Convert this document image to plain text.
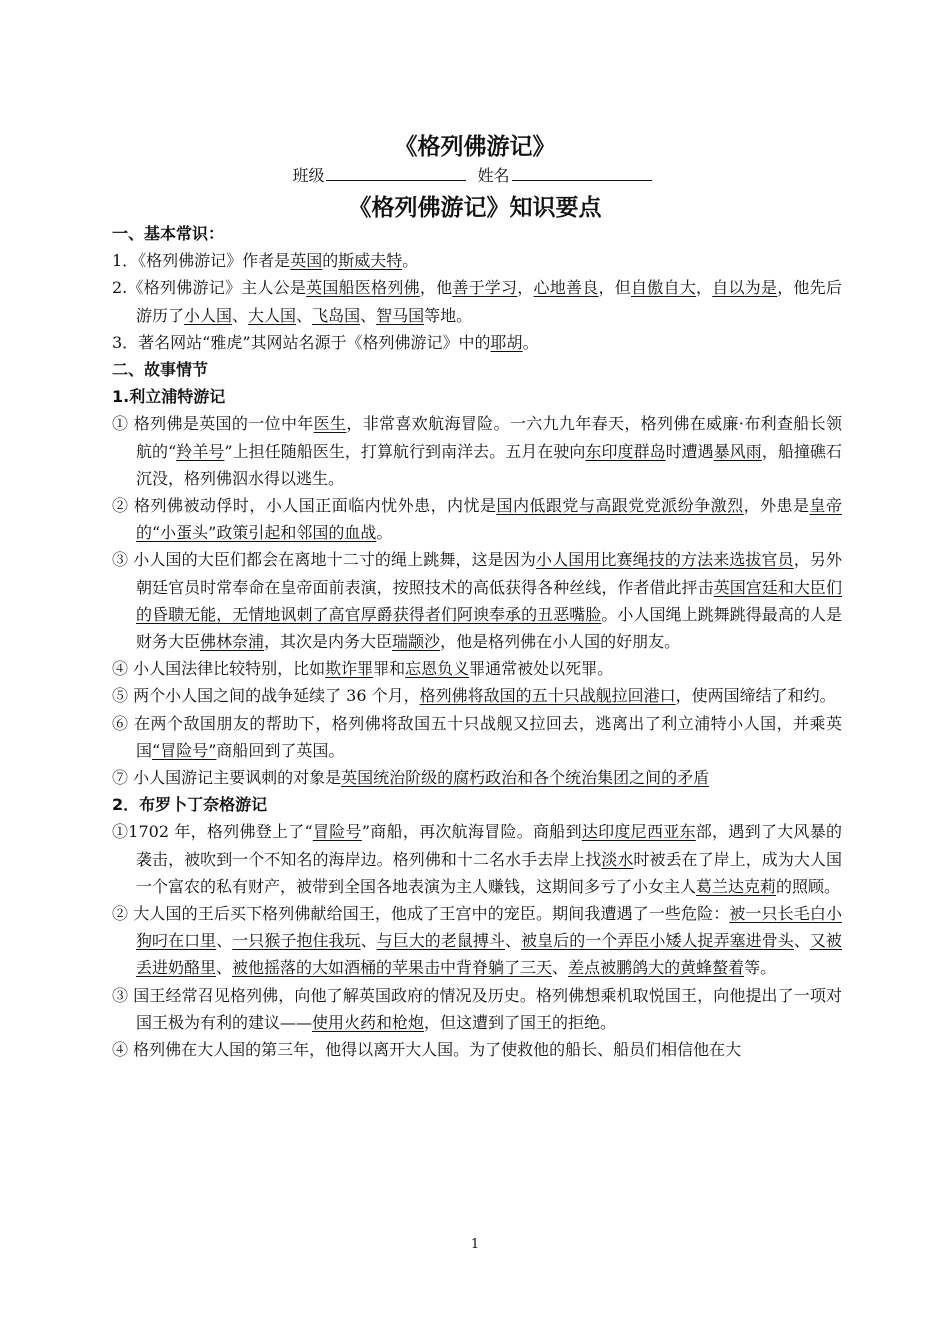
《格列佛游记》
班级	姓名
《格列佛游记》知识要点
一、基本常识：
1．《格列佛游记》作者是英国的斯威夫特。
2.《格列佛游记》主人公是英国船医格列佛，他善于学习，心地善良，但自傲自大，自以为是，他先后游历了小人国、大人国、飞岛国、智马国等地。
3．著名网站“雅虎”其网站名源于《格列佛游记》中的耶胡。
二、故事情节
1.利立浦特游记
① 格列佛是英国的一位中年医生，非常喜欢航海冒险。一六九九年春天，格列佛在威廉·布利查船长领航的“羚羊号”上担任随船医生，打算航行到南洋去。五月在驶向东印度群岛时遭遇暴风雨，船撞礁石沉没，格列佛泅水得以逃生。
② 格列佛被动俘时，小人国正面临内忧外患，内忧是国内低跟党与高跟党党派纷争激烈，外患是皇帝的“小蛋头”政策引起和邻国的血战。
③ 小人国的大臣们都会在离地十二寸的绳上跳舞，这是因为小人国用比赛绳技的方法来选拔官员，另外朝廷官员时常奉命在皇帝面前表演，按照技术的高低获得各种丝线，作者借此抨击英国宫廷和大臣们的昏聩无能，无情地讽刺了高官厚爵获得者们阿谀奉承的丑恶嘴脸。小人国绳上跳舞跳得最高的人是财务大臣佛林奈浦，其次是内务大臣瑞颛沙，他是格列佛在小人国的好朋友。
④ 小人国法律比较特别，比如欺诈罪罪和忘恩负义罪通常被处以死罪。
⑤ 两个小人国之间的战争延续了 36 个月，格列佛将敌国的五十只战舰拉回港口，使两国缔结了和约。
⑥ 在两个敌国朋友的帮助下，格列佛将敌国五十只战舰又拉回去，逃离出了利立浦特小人国，并乘英国“冒险号”商船回到了英国。
⑦ 小人国游记主要讽刺的对象是英国统治阶级的腐朽政治和各个统治集团之间的矛盾
2．布罗卜丁奈格游记
①1702 年，格列佛登上了“冒险号”商船，再次航海冒险。商船到达印度尼西亚东部，遇到了大风暴的袭击，被吹到一个不知名的海岸边。格列佛和十二名水手去岸上找淡水时被丢在了岸上，成为大人国一个富农的私有财产，被带到全国各地表演为主人赚钱，这期间多亏了小女主人葛兰达克莉的照顾。
② 大人国的王后买下格列佛献给国王，他成了王宫中的宠臣。期间我遭遇了一些危险：被一只长毛白小狗叼在口里、一只猴子抱住我玩、与巨大的老鼠搏斗、被皇后的一个弄臣小矮人捉弄塞进骨头、又被丢进奶酪里、被他摇落的大如酒桶的苹果击中背脊躺了三天、差点被鹏鸽大的黄蜂螯着等。
③ 国王经常召见格列佛，向他了解英国政府的情况及历史。格列佛想乘机取悦国王，向他提出了一项对国王极为有利的建议——使用火药和枪炮，但这遭到了国王的拒绝。
④ 格列佛在大人国的第三年，他得以离开大人国。为了使救他的船长、船员们相信他在大
1
